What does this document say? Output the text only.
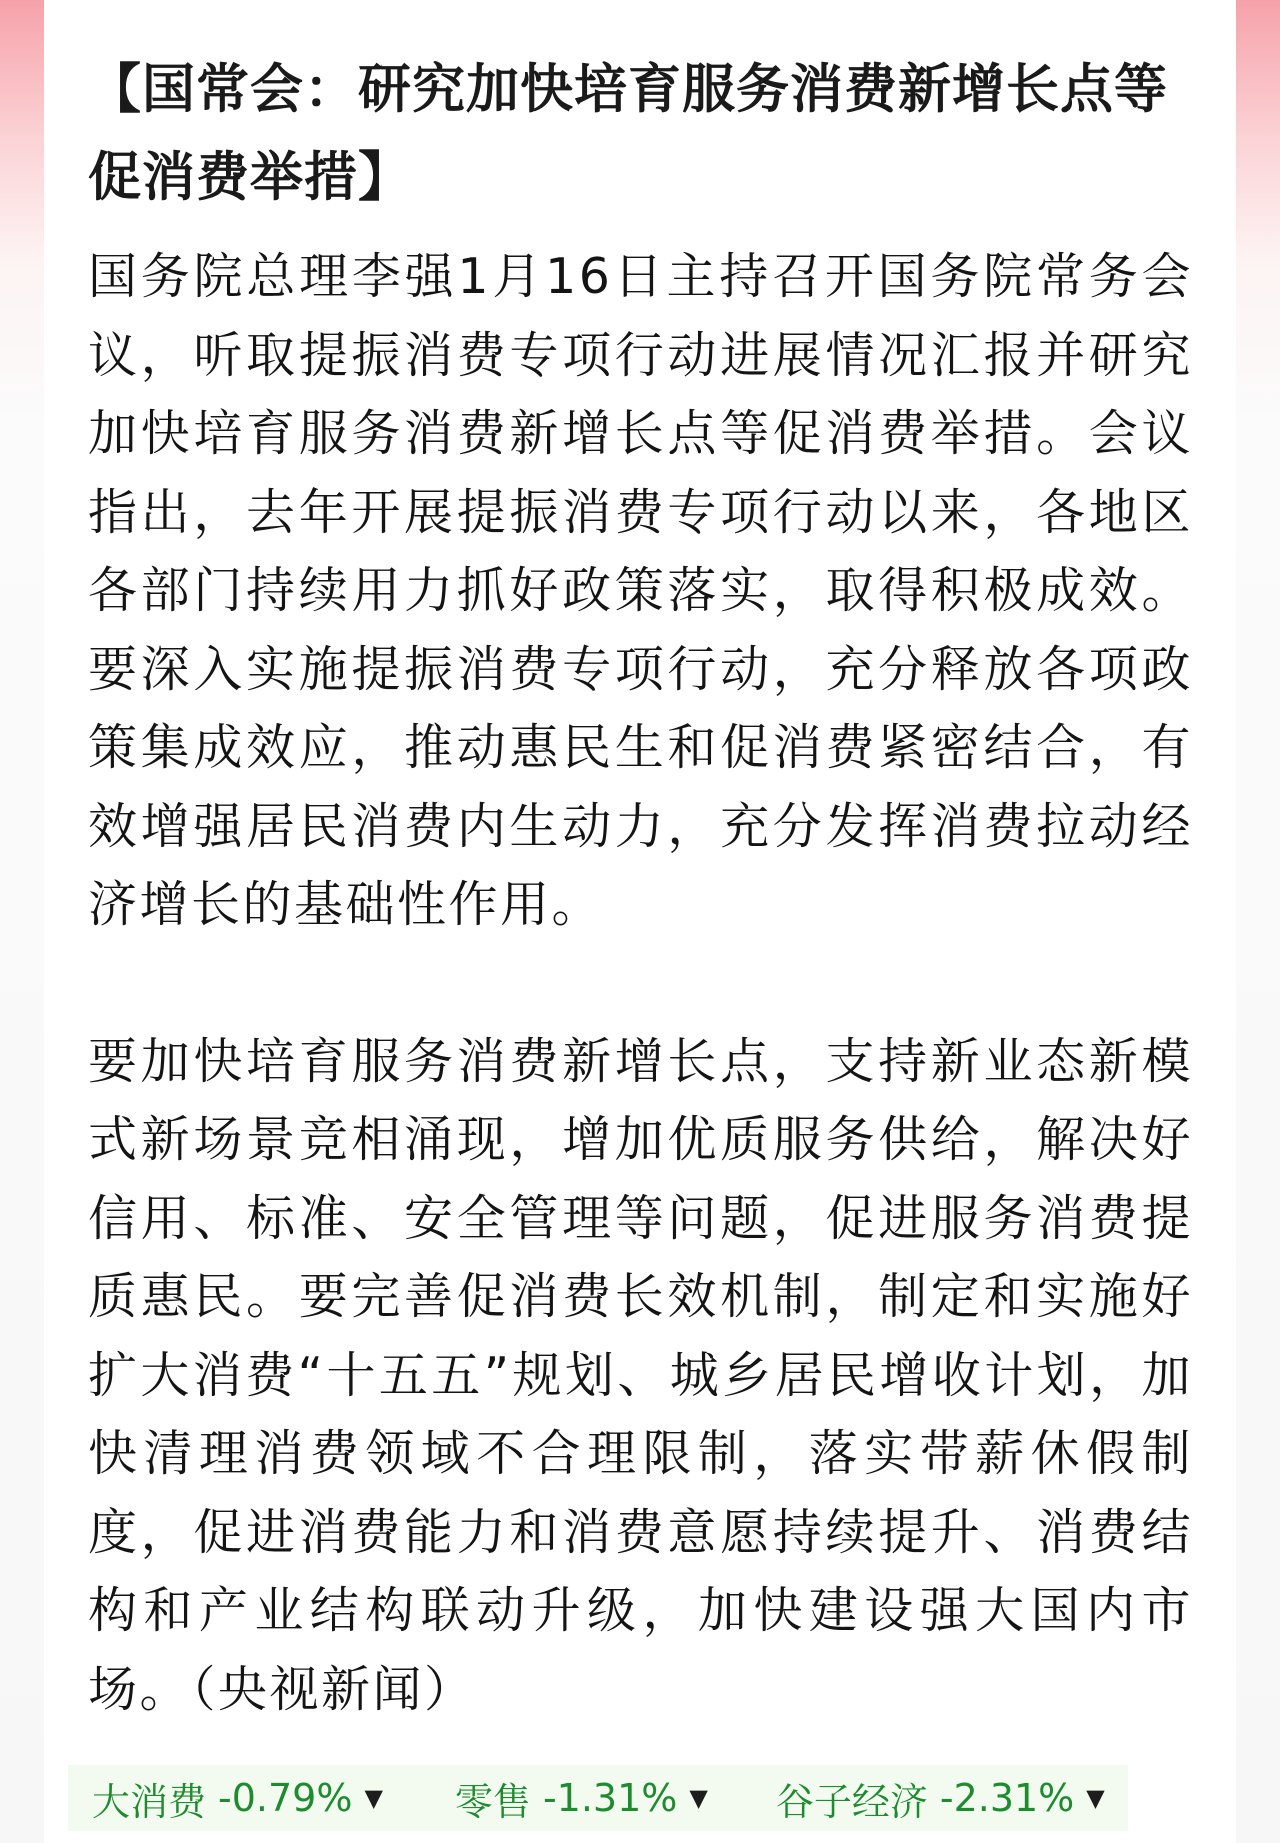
【国常会：研究加快培育服务消费新增长点等促消费举措】

国务院总理李强1月16日主持召开国务院常务会议，听取提振消费专项行动进展情况汇报并研究加快培育服务消费新增长点等促消费举措。会议指出，去年开展提振消费专项行动以来，各地区各部门持续用力抓好政策落实，取得积极成效。要深入实施提振消费专项行动，充分释放各项政策集成效应，推动惠民生和促消费紧密结合，有效增强居民消费内生动力，充分发挥消费拉动经济增长的基础性作用。

要加快培育服务消费新增长点，支持新业态新模式新场景竞相涌现，增加优质服务供给，解决好信用、标准、安全管理等问题，促进服务消费提质惠民。要完善促消费长效机制，制定和实施好扩大消费“十五五”规划、城乡居民增收计划，加快清理消费领域不合理限制，落实带薪休假制度，促进消费能力和消费意愿持续提升、消费结构和产业结构联动升级，加快建设强大国内市场。（央视新闻）

大消费 -0.79% ▼ 零售 -1.31% ▼ 谷子经济 -2.31% ▼
